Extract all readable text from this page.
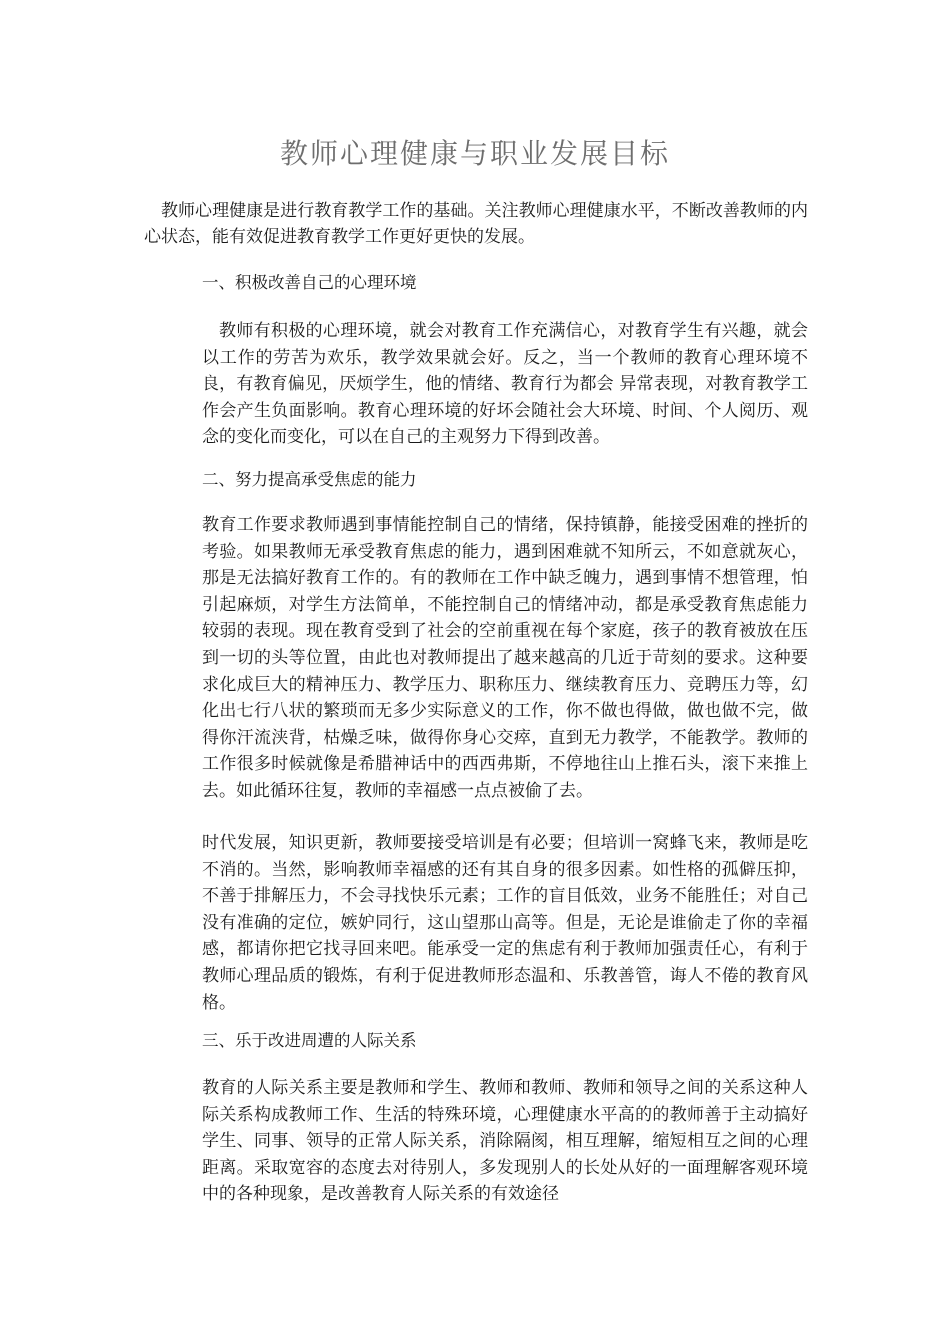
教师心理健康与职业发展目标

教师心理健康是进行教育教学工作的基础。关注教师心理健康水平，不断改善教师的内心状态，能有效促进教育教学工作更好更快的发展。

一、积极改善自己的心理环境

教师有积极的心理环境，就会对教育工作充满信心，对教育学生有兴趣，就会以工作的劳苦为欢乐，教学效果就会好。反之，当一个教师的教育心理环境不良，有教育偏见，厌烦学生，他的情绪、教育行为都会 异常表现，对教育教学工作会产生负面影响。教育心理环境的好坏会随社会大环境、时间、个人阅历、观念的变化而变化，可以在自己的主观努力下得到改善。

二、努力提高承受焦虑的能力

教育工作要求教师遇到事情能控制自己的情绪，保持镇静，能接受困难的挫折的考验。如果教师无承受教育焦虑的能力，遇到困难就不知所云，不如意就灰心，那是无法搞好教育工作的。有的教师在工作中缺乏魄力，遇到事情不想管理，怕引起麻烦，对学生方法简单，不能控制自己的情绪冲动，都是承受教育焦虑能力较弱的表现。现在教育受到了社会的空前重视在每个家庭，孩子的教育被放在压到一切的头等位置，由此也对教师提出了越来越高的几近于苛刻的要求。这种要求化成巨大的精神压力、教学压力、职称压力、继续教育压力、竞聘压力等，幻化出七行八状的繁琐而无多少实际意义的工作，你不做也得做，做也做不完，做得你汗流浃背，枯燥乏味，做得你身心交瘁，直到无力教学，不能教学。教师的工作很多时候就像是希腊神话中的西西弗斯，不停地往山上推石头，滚下来推上去。如此循环往复，教师的幸福感一点点被偷了去。

时代发展，知识更新，教师要接受培训是有必要；但培训一窝蜂飞来，教师是吃不消的。当然，影响教师幸福感的还有其自身的很多因素。如性格的孤僻压抑，不善于排解压力，不会寻找快乐元素；工作的盲目低效，业务不能胜任；对自己没有准确的定位，嫉妒同行，这山望那山高等。但是，无论是谁偷走了你的幸福感，都请你把它找寻回来吧。能承受一定的焦虑有利于教师加强责任心，有利于教师心理品质的锻炼，有利于促进教师形态温和、乐教善管，诲人不倦的教育风格。

三、乐于改进周遭的人际关系

教育的人际关系主要是教师和学生、教师和教师、教师和领导之间的关系这种人际关系构成教师工作、生活的特殊环境，心理健康水平高的的教师善于主动搞好学生、同事、领导的正常人际关系，消除隔阂，相互理解，缩短相互之间的心理距离。采取宽容的态度去对待别人，多发现别人的长处从好的一面理解客观环境中的各种现象，是改善教育人际关系的有效途径
